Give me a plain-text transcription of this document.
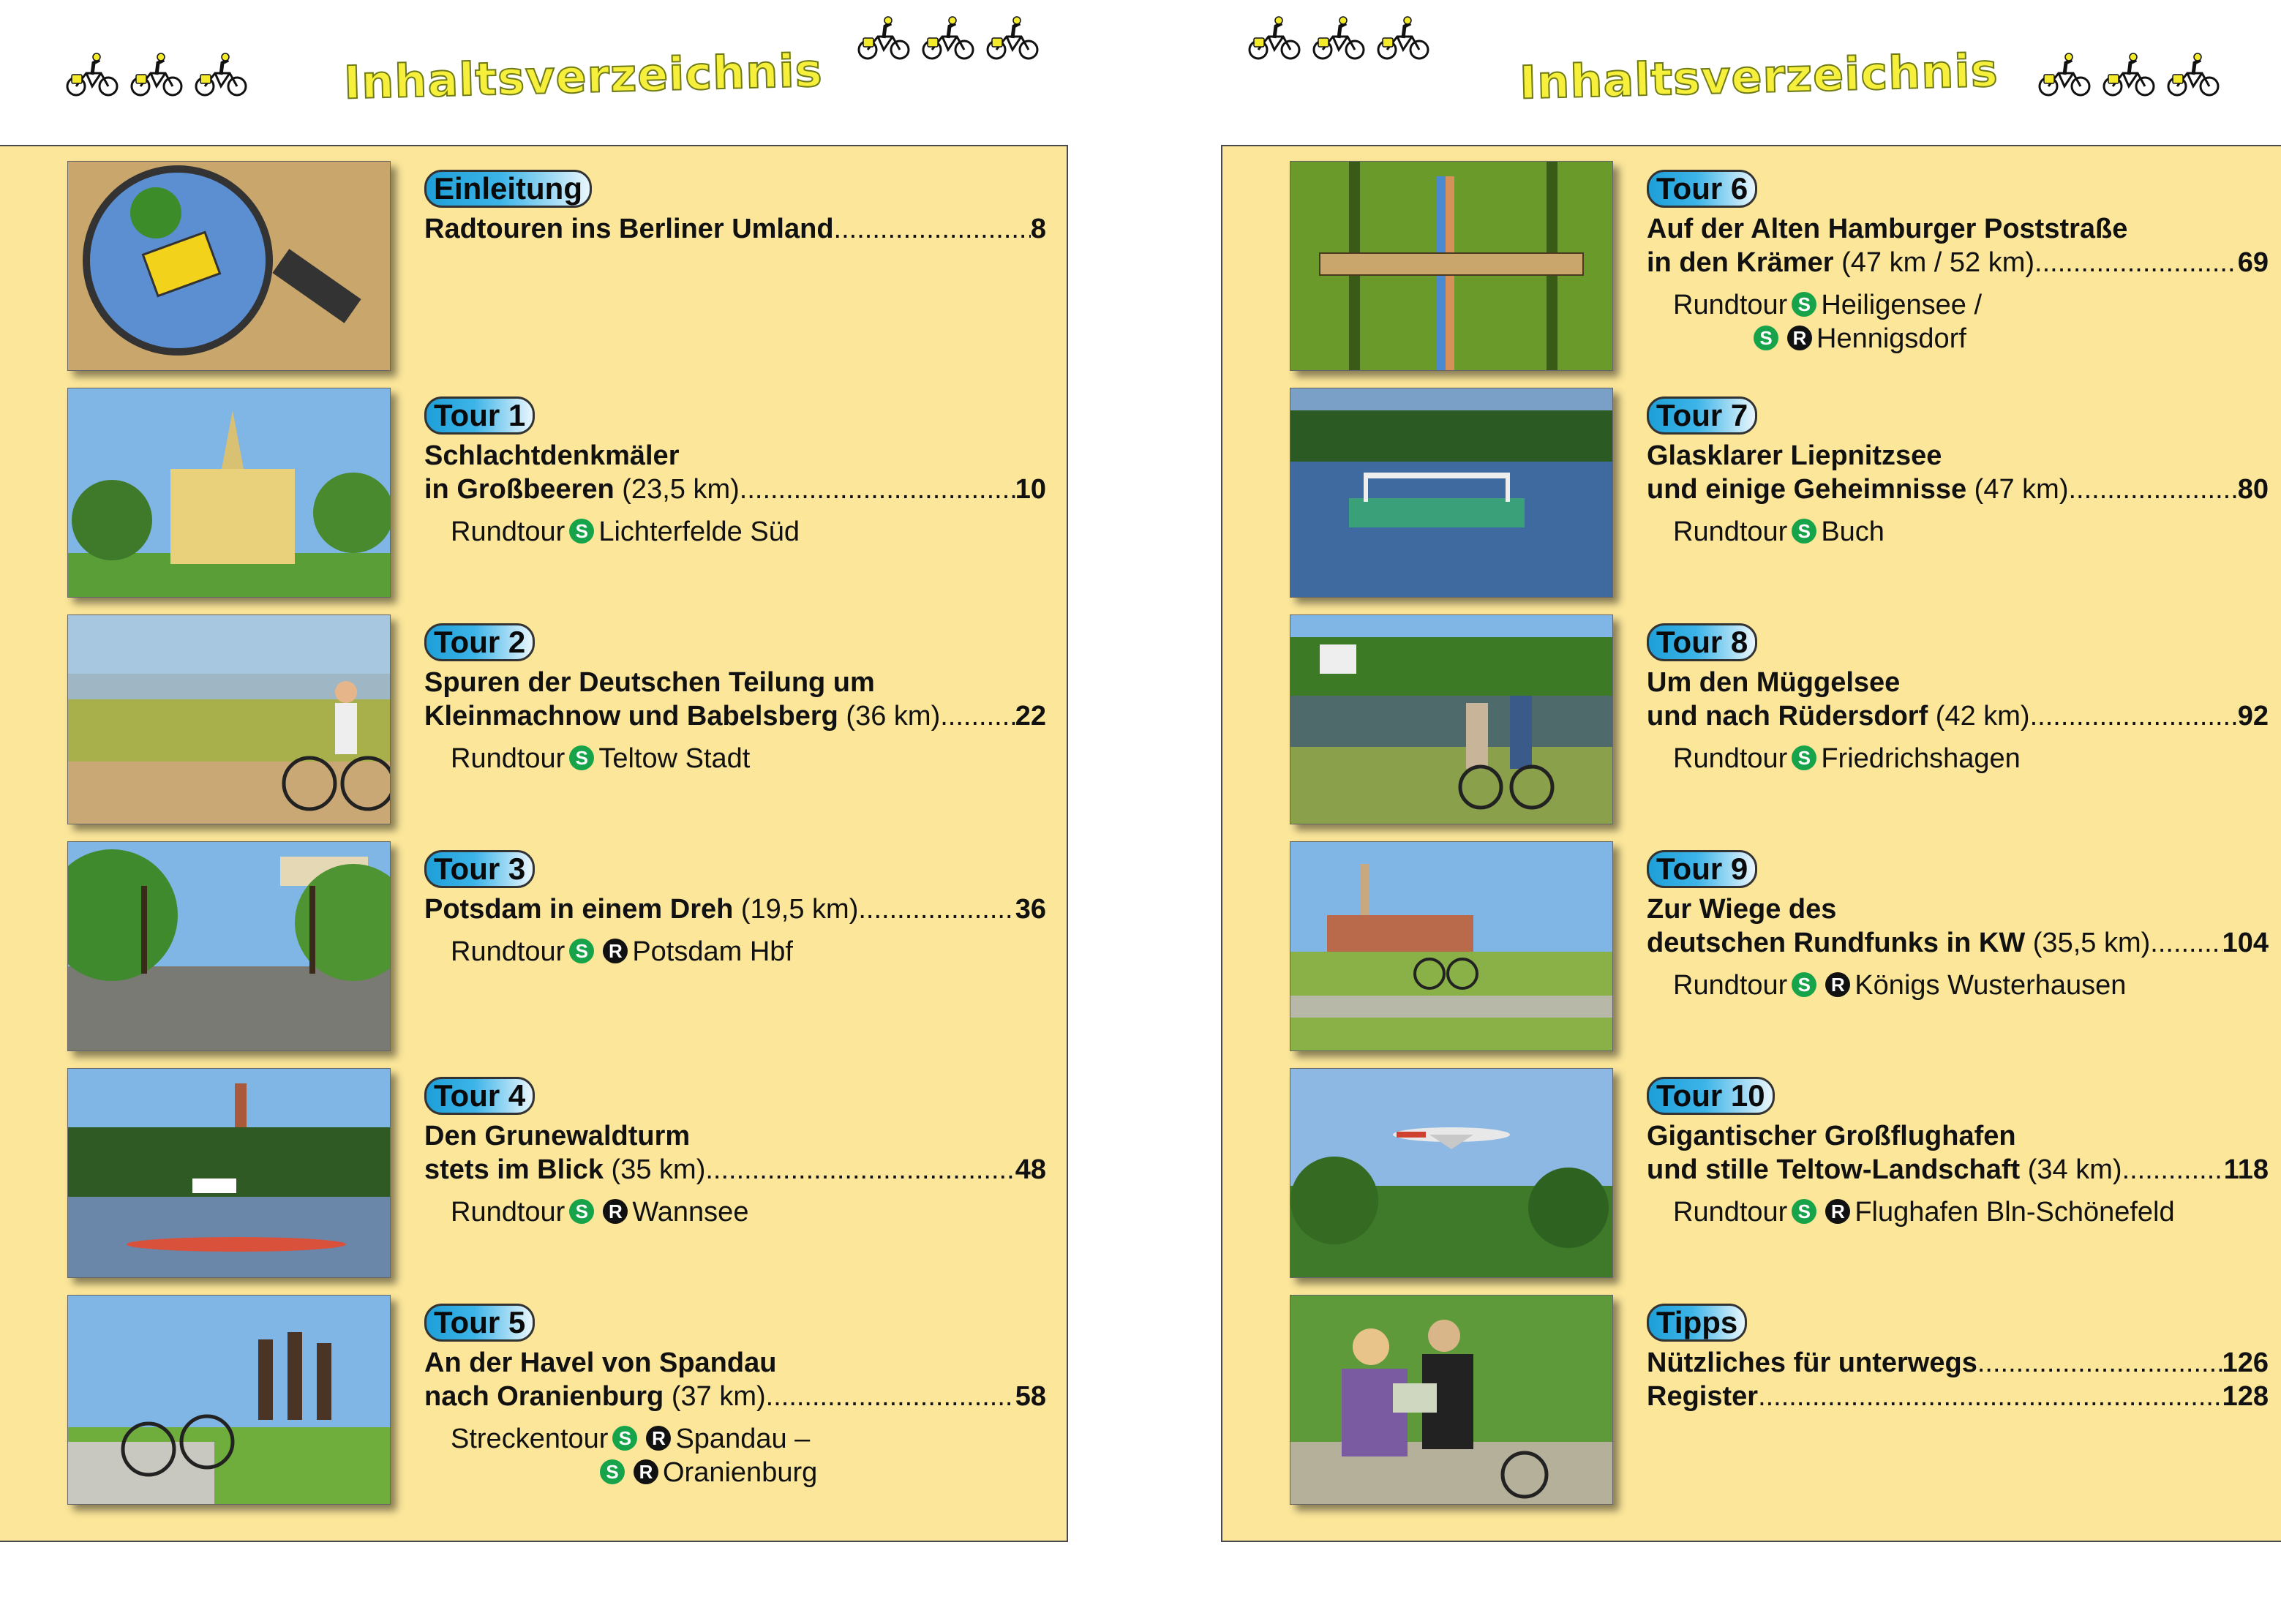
Inhaltsverzeichnis
Einleitung
Radtouren ins Berliner Umland .....	8
Tour 1
Schlachtdenkmäler
in Großbeeren (23,5 km) .....	10
Rundtour S Lichterfelde Süd
Tour 2
Spuren der Deutschen Teilung um
Kleinmachnow und Babelsberg (36 km) .....	22
Rundtour S Teltow Stadt
Tour 3
Potsdam in einem Dreh (19,5 km) .....	36
Rundtour S R Potsdam Hbf
Tour 4
Den Grunewaldturm
stets im Blick (35 km) .....	48
Rundtour S R Wannsee
Tour 5
An der Havel von Spandau
nach Oranienburg (37 km) .....	58
Streckentour S R Spandau –
S R Oranienburg
Inhaltsverzeichnis
Tour 6
Auf der Alten Hamburger Poststraße
in den Krämer (47 km / 52 km) .....	69
Rundtour S Heiligensee /
S R Hennigsdorf
Tour 7
Glasklarer Liepnitzsee
und einige Geheimnisse (47 km) .....	80
Rundtour S Buch
Tour 8
Um den Müggelsee
und nach Rüdersdorf (42 km) .....	92
Rundtour S Friedrichshagen
Tour 9
Zur Wiege des
deutschen Rundfunks in KW (35,5 km) .....	104
Rundtour S R Königs Wusterhausen
Tour 10
Gigantischer Großflughafen
und stille Teltow-Landschaft (34 km) .....	118
Rundtour S R Flughafen Bln-Schönefeld
Tipps
Nützliches für unterwegs .....	126
Register .....	128
